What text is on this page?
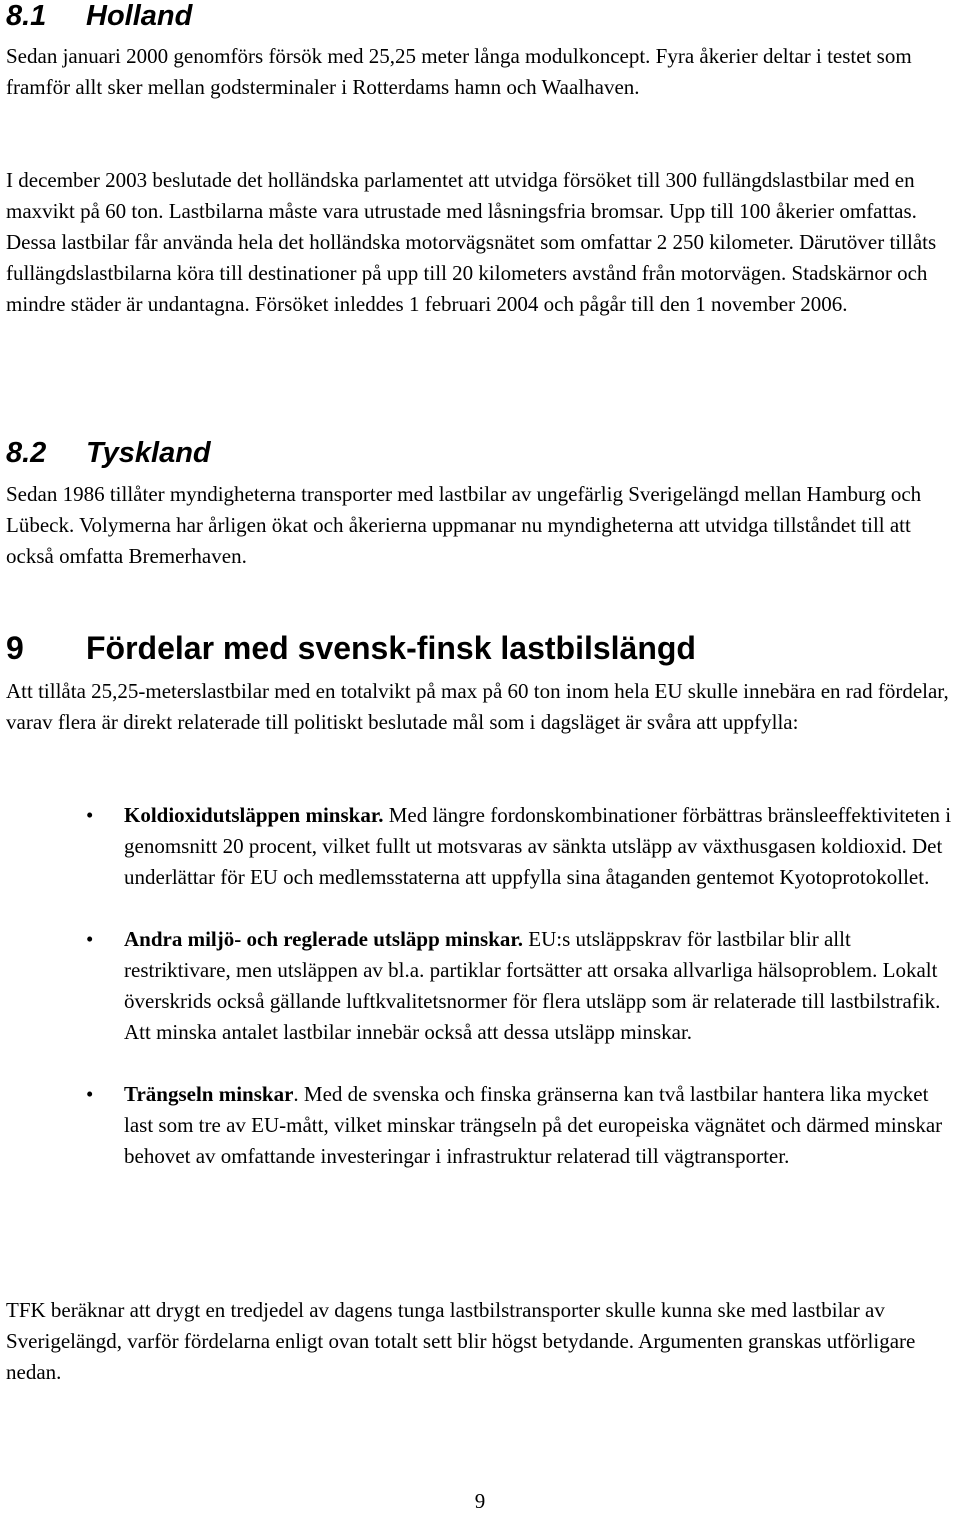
8.1 Holland

Sedan januari 2000 genomförs försök med 25,25 meter långa modulkoncept. Fyra åkerier deltar i testet som framför allt sker mellan godsterminaler i Rotterdams hamn och Waalhaven.

I december 2003 beslutade det holländska parlamentet att utvidga försöket till 300 fullängdslastbilar med en maxvikt på 60 ton. Lastbilarna måste vara utrustade med låsningsfria bromsar. Upp till 100 åkerier omfattas. Dessa lastbilar får använda hela det holländska motorvägsnätet som omfattar 2 250 kilometer. Därutöver tillåts fullängdslastbilarna köra till destinationer på upp till 20 kilometers avstånd från motorvägen. Stadskärnor och mindre städer är undantagna. Försöket inleddes 1 februari 2004 och pågår till den 1 november 2006.

8.2 Tyskland

Sedan 1986 tillåter myndigheterna transporter med lastbilar av ungefärlig Sverigelängd mellan Hamburg och Lübeck. Volymerna har årligen ökat och åkerierna uppmanar nu myndigheterna att utvidga tillståndet till att också omfatta Bremerhaven.

9 Fördelar med svensk-finsk lastbilslängd

Att tillåta 25,25-meterslastbilar med en totalvikt på max på 60 ton inom hela EU skulle innebära en rad fördelar, varav flera är direkt relaterade till politiskt beslutade mål som i dagsläget är svåra att uppfylla:

• Koldioxidutsläppen minskar. Med längre fordonskombinationer förbättras bränsleeffektiviteten i genomsnitt 20 procent, vilket fullt ut motsvaras av sänkta utsläpp av växthusgasen koldioxid. Det underlättar för EU och medlemsstaterna att uppfylla sina åtaganden gentemot Kyotoprotokollet.
• Andra miljö- och reglerade utsläpp minskar. EU:s utsläppskrav för lastbilar blir allt restriktivare, men utsläppen av bl.a. partiklar fortsätter att orsaka allvarliga hälsoproblem. Lokalt överskrids också gällande luftkvalitetsnormer för flera utsläpp som är relaterade till lastbilstrafik. Att minska antalet lastbilar innebär också att dessa utsläpp minskar.
• Trängseln minskar. Med de svenska och finska gränserna kan två lastbilar hantera lika mycket last som tre av EU-mått, vilket minskar trängseln på det europeiska vägnätet och därmed minskar behovet av omfattande investeringar i infrastruktur relaterad till vägtransporter.

TFK beräknar att drygt en tredjedel av dagens tunga lastbilstransporter skulle kunna ske med lastbilar av Sverigelängd, varför fördelarna enligt ovan totalt sett blir högst betydande. Argumenten granskas utförligare nedan.

9
